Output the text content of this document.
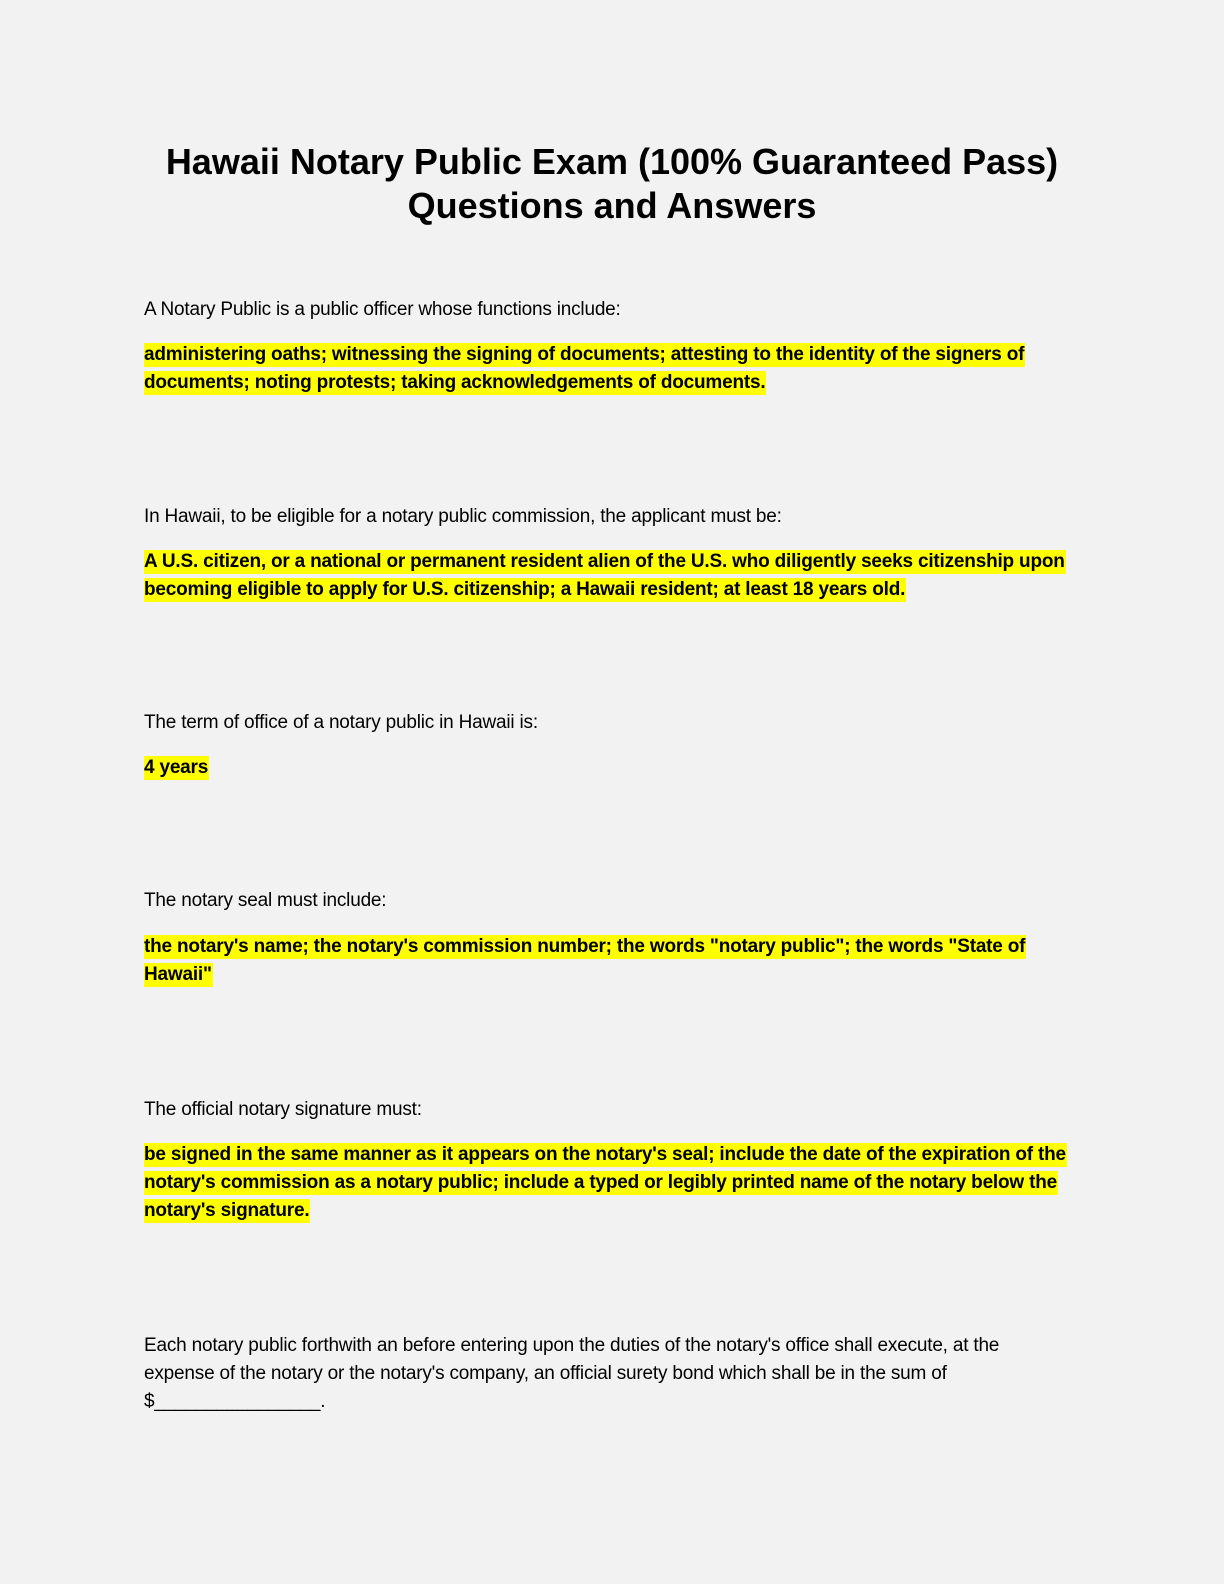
Hawaii Notary Public Exam (100% Guaranteed Pass)
Questions and Answers

A Notary Public is a public officer whose functions include:

administering oaths; witnessing the signing of documents; attesting to the identity of the signers of documents; noting protests; taking acknowledgements of documents.

In Hawaii, to be eligible for a notary public commission, the applicant must be:

A U.S. citizen, or a national or permanent resident alien of the U.S. who diligently seeks citizenship upon becoming eligible to apply for U.S. citizenship; a Hawaii resident; at least 18 years old.

The term of office of a notary public in Hawaii is:

4 years

The notary seal must include:

the notary's name; the notary's commission number; the words "notary public"; the words "State of Hawaii"

The official notary signature must:

be signed in the same manner as it appears on the notary's seal; include the date of the expiration of the notary's commission as a notary public; include a typed or legibly printed name of the notary below the notary's signature.

Each notary public forthwith an before entering upon the duties of the notary's office shall execute, at the expense of the notary or the notary's company, an official surety bond which shall be in the sum of $________________.
